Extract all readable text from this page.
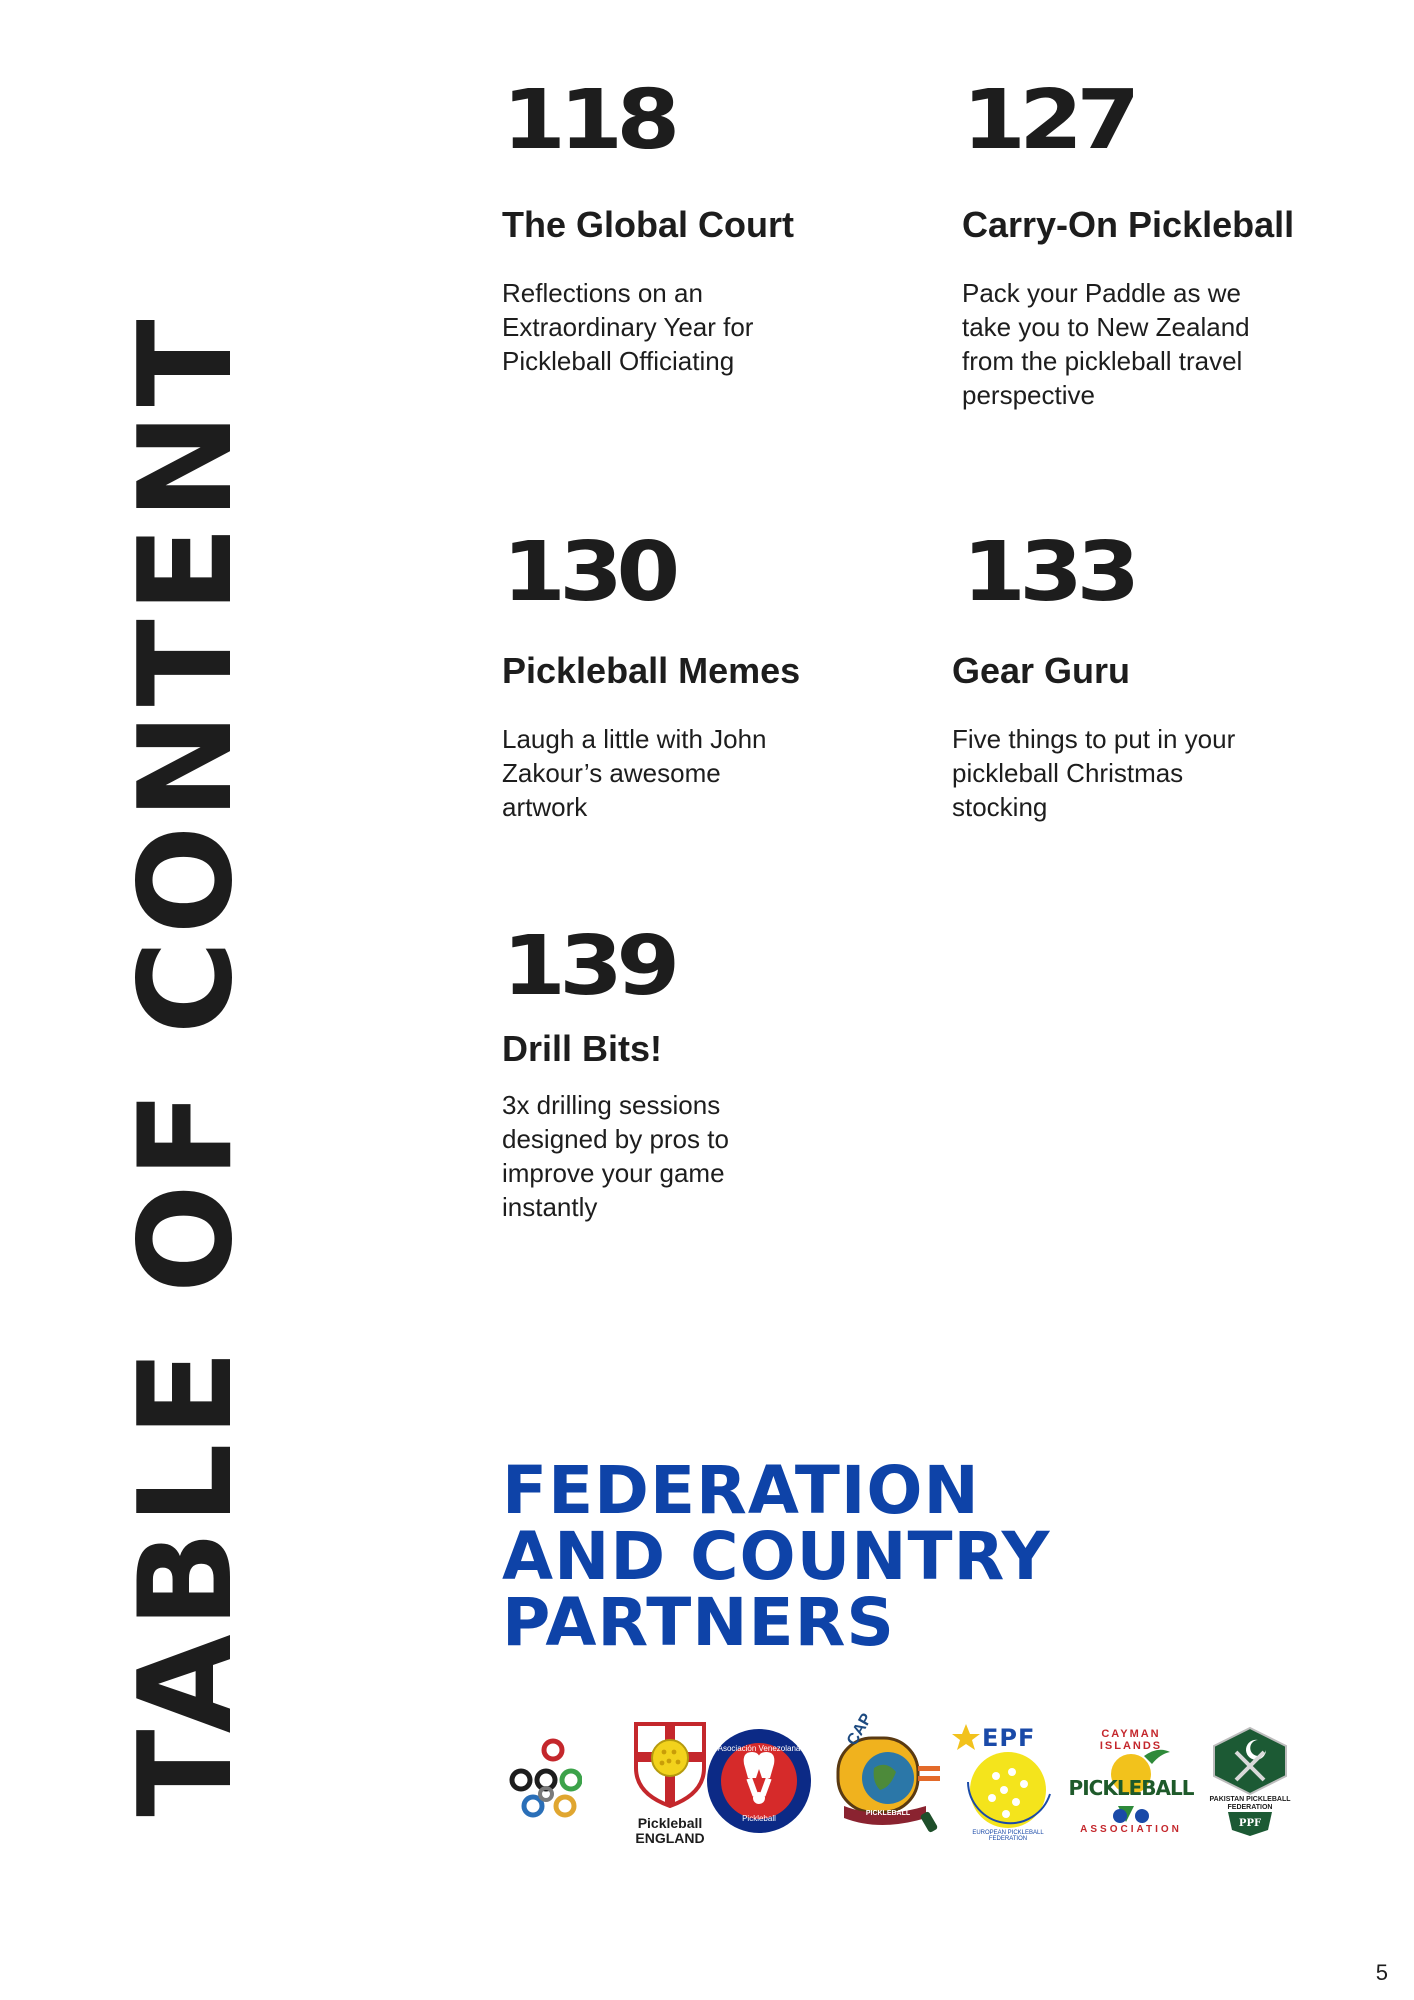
TABLE OF CONTENT
118
The Global Court
Reflections on an
Extraordinary Year for
Pickleball Officiating
127
Carry-On Pickleball
Pack your Paddle as we
take you to New Zealand
from the pickleball travel
perspective
130
Pickleball Memes
Laugh a little with John
Zakour’s awesome
artwork
133
Gear Guru
Five things to put in your
pickleball Christmas
stocking
139
Drill Bits!
3x drilling sessions
designed by pros to
improve your game
instantly
FEDERATION
AND COUNTRY
PARTNERS
Pickleball
ENGLAND
Asociación Venezolana
Pickleball
CAP
PICKLEBALL
EPF
EUROPEAN PICKLEBALL FEDERATION
CAYMAN ISLANDS
PICKLEBALL
ASSOCIATION
PAKISTAN PICKLEBALL
FEDERATION
PPF
5
